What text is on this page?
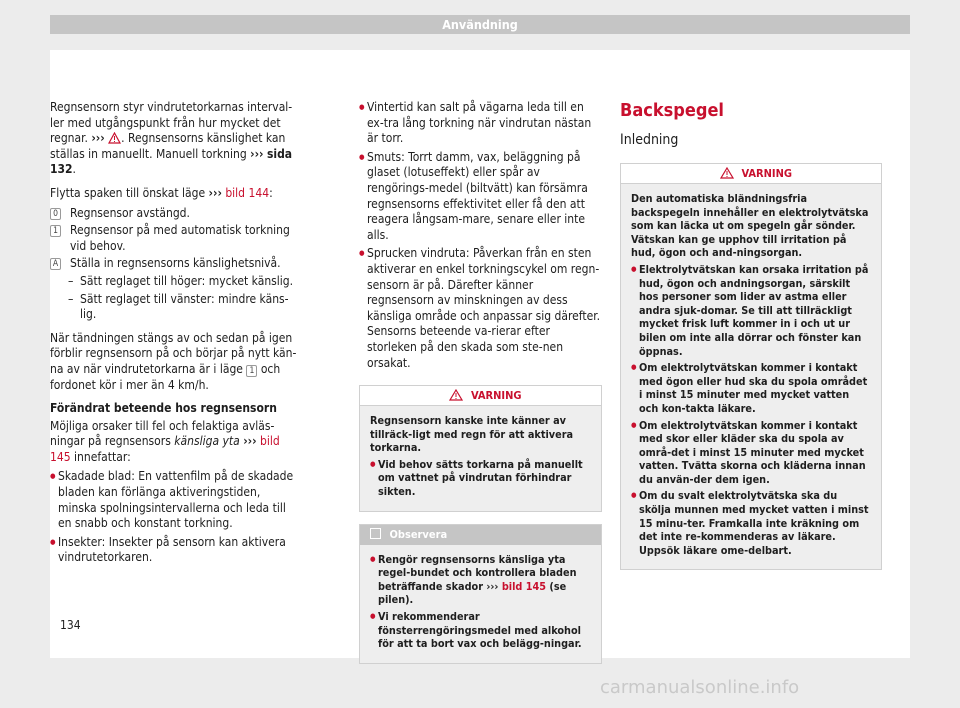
Användning

Regnsensorn styr vindrutetorkarnas interval-ler med utgångspunkt från hur mycket det regnar. ››› . Regnsensorns känslighet kan ställas in manuellt. Manuell torkning ››› sida 132.

Flytta spaken till önskat läge ››› bild 144:

0 Regnsensor avstängd.
1 Regnsensor på med automatisk torkning vid behov.
A Ställa in regnsensorns känslighetsnivå.
– Sätt reglaget till höger: mycket känslig.
– Sätt reglaget till vänster: mindre käns-lig.

När tändningen stängs av och sedan på igen förblir regnsensorn på och börjar på nytt kän-na av när vindrutetorkarna är i läge 1 och fordonet kör i mer än 4 km/h.

Förändrat beteende hos regnsensorn

Möjliga orsaker till fel och felaktiga avläs-ningar på regnsensors känsliga yta ››› bild 145 innefattar:

● Skadade blad: En vattenfilm på de skadade bladen kan förlänga aktiveringstiden, minska spolningsintervallerna och leda till en snabb och konstant torkning.
● Insekter: Insekter på sensorn kan aktivera vindrutetorkaren.
● Vintertid kan salt på vägarna leda till en ex-tra lång torkning när vindrutan nästan är torr.
● Smuts: Torrt damm, vax, beläggning på glaset (lotuseffekt) eller spår av rengörings-medel (biltvätt) kan försämra regnsensorns effektivitet eller få den att reagera långsam-mare, senare eller inte alls.
● Sprucken vindruta: Påverkan från en sten aktiverar en enkel torkningscykel om regn-sensorn är på. Därefter känner regnsensorn av minskningen av dess känsliga område och anpassar sig därefter. Sensorns beteende va-rierar efter storleken på den skada som ste-nen orsakat.
VARNING
Regnsensorn kanske inte känner av tillräck-ligt med regn för att aktivera torkarna.
● Vid behov sätts torkarna på manuellt om vattnet på vindrutan förhindrar sikten.
Observera
● Rengör regnsensorns känsliga yta regel-bundet och kontrollera bladen beträffande skador ››› bild 145 (se pilen).
● Vi rekommenderar fönsterrengöringsmedel med alkohol för att ta bort vax och belägg-ningar.
Backspegel
Inledning
VARNING
Den automatiska bländningsfria backspegeln innehåller en elektrolytvätska som kan läcka ut om spegeln går sönder. Vätskan kan ge upphov till irritation på hud, ögon och and-ningsorgan.
● Elektrolytvätskan kan orsaka irritation på hud, ögon och andningsorgan, särskilt hos personer som lider av astma eller andra sjuk-domar. Se till att tillräckligt mycket frisk luft kommer in i och ut ur bilen om inte alla dörrar och fönster kan öppnas.
● Om elektrolytvätskan kommer i kontakt med ögon eller hud ska du spola området i minst 15 minuter med mycket vatten och kon-takta läkare.
● Om elektrolytvätskan kommer i kontakt med skor eller kläder ska du spola av områ-det i minst 15 minuter med mycket vatten. Tvätta skorna och kläderna innan du använ-der dem igen.
● Om du svalt elektrolytvätska ska du skölja munnen med mycket vatten i minst 15 minu-ter. Framkalla inte kräkning om det inte re-kommenderas av läkare. Uppsök läkare ome-delbart.
134
carmanualsonline.info
